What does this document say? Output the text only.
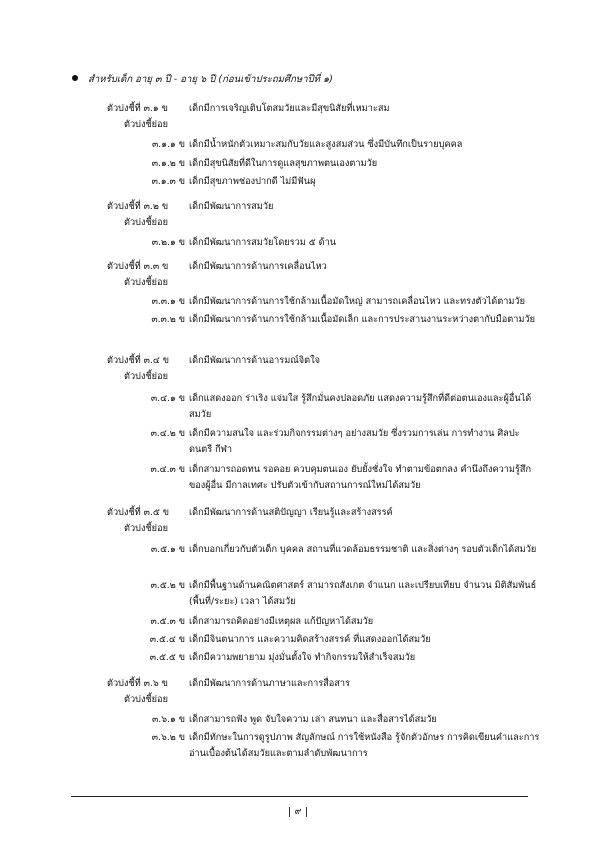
สำหรับเด็ก อายุ ๓ ปี - อายุ ๖ ปี (ก่อนเข้าประถมศึกษาปีที่ ๑)
ตัวบ่งชี้ที่ ๓.๑ ข เด็กมีการเจริญเติบโตสมวัยและมีสุขนิสัยที่เหมาะสม
ตัวบ่งชี้ย่อย
๓.๑.๑ ข เด็กมีน้ำหนักตัวเหมาะสมกับวัยและสูงสมส่วน ซึ่งมีบันทึกเป็นรายบุคคล
๓.๑.๒ ข เด็กมีสุขนิสัยที่ดีในการดูแลสุขภาพตนเองตามวัย
๓.๑.๓ ข เด็กมีสุขภาพช่องปากดี ไม่มีฟันผุ
ตัวบ่งชี้ที่ ๓.๒ ข เด็กมีพัฒนาการสมวัย
ตัวบ่งชี้ย่อย
๓.๒.๑ ข เด็กมีพัฒนาการสมวัยโดยรวม ๕ ด้าน
ตัวบ่งชี้ที่ ๓.๓ ข เด็กมีพัฒนาการด้านการเคลื่อนไหว
ตัวบ่งชี้ย่อย
๓.๓.๑ ข เด็กมีพัฒนาการด้านการใช้กล้ามเนื้อมัดใหญ่ สามารถเคลื่อนไหว และทรงตัวได้ตามวัย
๓.๓.๒ ข เด็กมีพัฒนาการด้านการใช้กล้ามเนื้อมัดเล็ก และการประสานงานระหว่างตากับมือตามวัย
ตัวบ่งชี้ที่ ๓.๔ ข เด็กมีพัฒนาการด้านอารมณ์จิตใจ
ตัวบ่งชี้ย่อย
๓.๔.๑ ข เด็กแสดงออก ร่าเริง แจ่มใส รู้สึกมั่นคงปลอดภัย แสดงความรู้สึกที่ดีต่อตนเองและผู้อื่นได้สมวัย
๓.๔.๒ ข เด็กมีความสนใจ และร่วมกิจกรรมต่างๆ อย่างสมวัย ซึ่งรวมการเล่น การทำงาน ศิลปะ ดนตรี กีฬา
๓.๔.๓ ข เด็กสามารถอดทน รอคอย ควบคุมตนเอง ยับยั้งชั่งใจ ทำตามข้อตกลง คำนึงถึงความรู้สึกของผู้อื่น มีกาลเทศะ ปรับตัวเข้ากับสถานการณ์ใหม่ได้สมวัย
ตัวบ่งชี้ที่ ๓.๕ ข เด็กมีพัฒนาการด้านสติปัญญา เรียนรู้และสร้างสรรค์
ตัวบ่งชี้ย่อย
๓.๕.๑ ข เด็กบอกเกี่ยวกับตัวเด็ก บุคคล สถานที่แวดล้อมธรรมชาติ และสิ่งต่างๆ รอบตัวเด็กได้สมวัย
๓.๕.๒ ข เด็กมีพื้นฐานด้านคณิตศาสตร์ สามารถสังเกต จำแนก และเปรียบเทียบ จำนวน มิติสัมพันธ์ (พื้นที่/ระยะ) เวลา ได้สมวัย
๓.๕.๓ ข เด็กสามารถคิดอย่างมีเหตุผล แก้ปัญหาได้สมวัย
๓.๕.๔ ข เด็กมีจินตนาการ และความคิดสร้างสรรค์ ที่แสดงออกได้สมวัย
๓.๕.๕ ข เด็กมีความพยายาม มุ่งมั่นตั้งใจ ทำกิจกรรมให้สำเร็จสมวัย
ตัวบ่งชี้ที่ ๓.๖ ข เด็กมีพัฒนาการด้านภาษาและการสื่อสาร
ตัวบ่งชี้ย่อย
๓.๖.๑ ข เด็กสามารถฟัง พูด จับใจความ เล่า สนทนา และสื่อสารได้สมวัย
๓.๖.๒ ข เด็กมีทักษะในการดูรูปภาพ สัญลักษณ์ การใช้หนังสือ รู้จักตัวอักษร การคิดเขียนคำและการอ่านเบื้องต้นได้สมวัยและตามลำดับพัฒนาการ
๙
